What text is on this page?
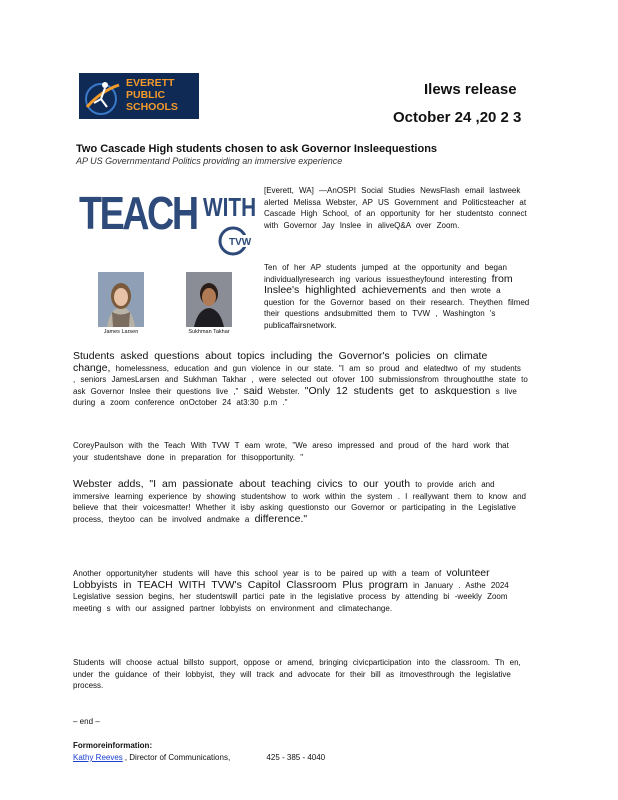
EVERETT PUBLIC SCHOOLS
Ilews release
October 24 ,20 2 3
Two Cascade High students chosen to ask Governor Insleequestions
AP US Governmentand Politics providing an immersive experience
TEACH WITH
TVW
James Larsen	Sukhman Takhar
[Everett, WA] —AnOSPI Social Studies NewsFlash email lastweek alerted Melissa Webster, AP US Government and Politicsteacher at Cascade High School, of an opportunity for her studentsto connect with Governor Jay Inslee in aliveQ&A over Zoom.
Ten of her AP students jumped at the opportunity and began individuallyresearch ing various issuestheyfound interesting from Inslee's highlighted achievements and then wrote a question for the Governor based on their research. Theythen filmed their questions andsubmitted them to TVW , Washington 's publicaffairsnetwork.
Students asked questions about topics including the Governor's policies on climate change, homelessness, education and gun violence in our state. "I am so proud and elatedtwo of my students , seniors JamesLarsen and Sukhman Takhar , were selected out ofover 100 submissionsfrom throughoutthe state to ask Governor Inslee their questions live ," said Webster. "Only 12 students get to askquestion s live during a zoom conference onOctober 24 at3:30 p.m ."
CoreyPaulson with the Teach With TVW T eam wrote, "We areso impressed and proud of the hard work that your studentshave done in preparation for thisopportunity. "
Webster adds, "I am passionate about teaching civics to our youth to provide arich and immersive learning experience by showing studentshow to work within the system . I reallywant them to know and believe that their voicesmatter! Whether it isby asking questionsto our Governor or participating in the Legislative process, theytoo can be involved andmake a difference."
Another opportunityher students will have this school year is to be paired up with a team of volunteer Lobbyists in TEACH WITH TVW's Capitol Classroom Plus program in January . Asthe 2024 Legislative session begins, her studentswill partici pate in the legislative process by attending bi -weekly Zoom meeting s with our assigned partner lobbyists on environment and climatechange.
Students will choose actual billsto support, oppose or amend, bringing civicparticipation into the classroom. Th en, under the guidance of their lobbyist, they will track and advocate for their bill as itmovesthrough the legislative process.
– end –
Formoreinformation:
Kathy Reeves , Director of Communications,	425 - 385 - 4040
